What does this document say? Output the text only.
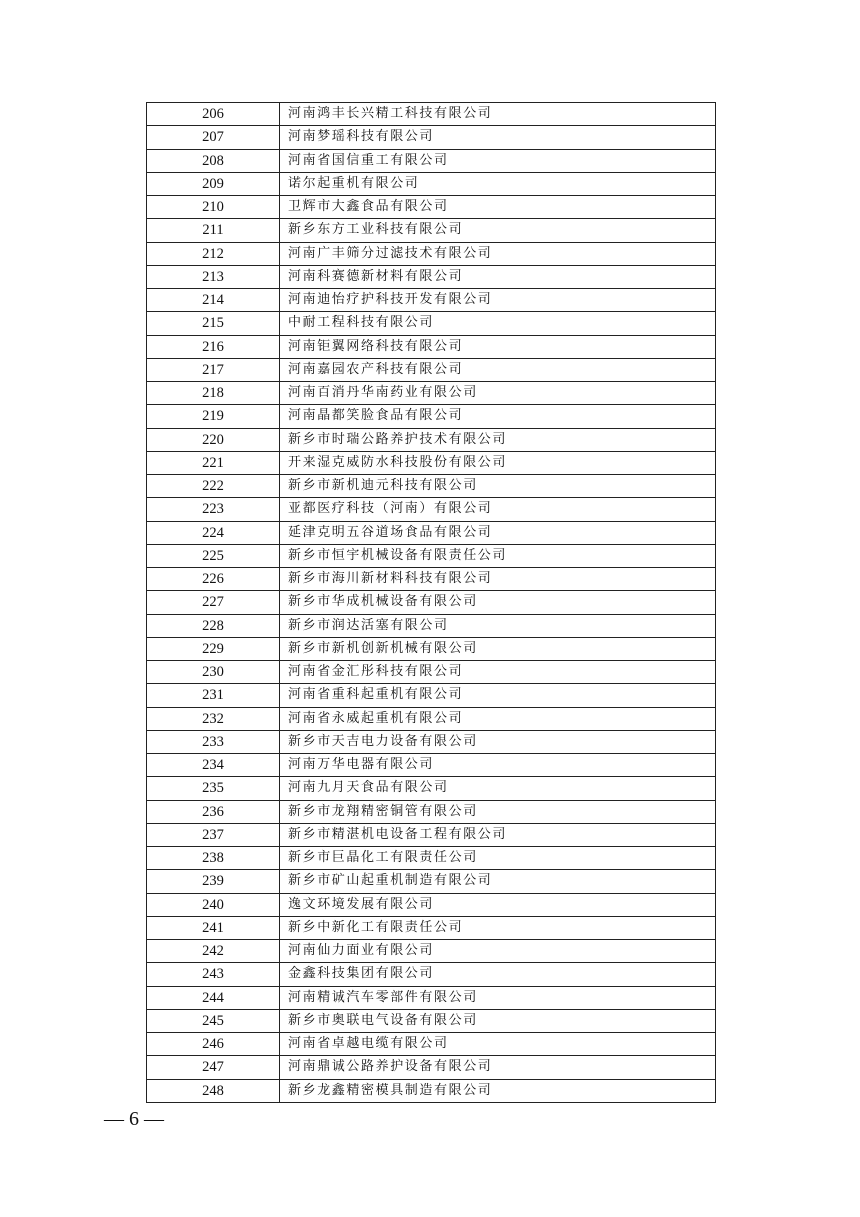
206	河南鸿丰长兴精工科技有限公司
207	河南梦瑶科技有限公司
208	河南省国信重工有限公司
209	诺尔起重机有限公司
210	卫辉市大鑫食品有限公司
211	新乡东方工业科技有限公司
212	河南广丰筛分过滤技术有限公司
213	河南科赛德新材料有限公司
214	河南迪怡疗护科技开发有限公司
215	中耐工程科技有限公司
216	河南钜翼网络科技有限公司
217	河南嘉园农产科技有限公司
218	河南百消丹华南药业有限公司
219	河南晶都笑脸食品有限公司
220	新乡市时瑞公路养护技术有限公司
221	开来湿克威防水科技股份有限公司
222	新乡市新机迪元科技有限公司
223	亚都医疗科技（河南）有限公司
224	延津克明五谷道场食品有限公司
225	新乡市恒宇机械设备有限责任公司
226	新乡市海川新材料科技有限公司
227	新乡市华成机械设备有限公司
228	新乡市润达活塞有限公司
229	新乡市新机创新机械有限公司
230	河南省金汇彤科技有限公司
231	河南省重科起重机有限公司
232	河南省永威起重机有限公司
233	新乡市天吉电力设备有限公司
234	河南万华电器有限公司
235	河南九月天食品有限公司
236	新乡市龙翔精密铜管有限公司
237	新乡市精湛机电设备工程有限公司
238	新乡市巨晶化工有限责任公司
239	新乡市矿山起重机制造有限公司
240	逸文环境发展有限公司
241	新乡中新化工有限责任公司
242	河南仙力面业有限公司
243	金鑫科技集团有限公司
244	河南精诚汽车零部件有限公司
245	新乡市奥联电气设备有限公司
246	河南省卓越电缆有限公司
247	河南鼎诚公路养护设备有限公司
248	新乡龙鑫精密模具制造有限公司
— 6 —
